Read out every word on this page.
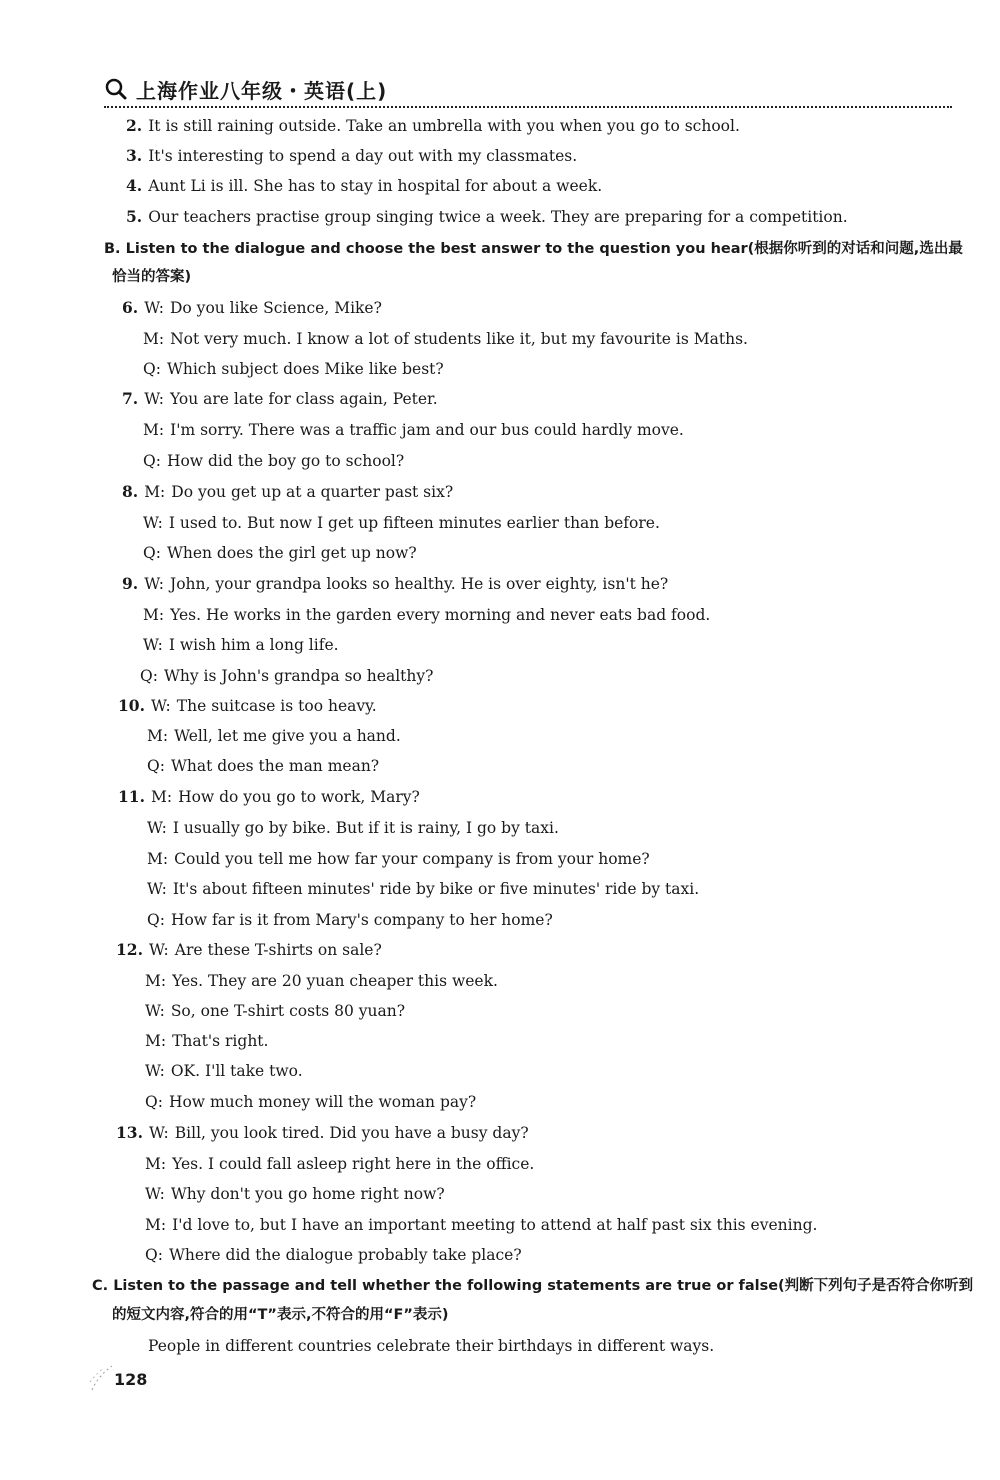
上海作业八年级・英语(上)
2. It is still raining outside. Take an umbrella with you when you go to school.
3. It's interesting to spend a day out with my classmates.
4. Aunt Li is ill. She has to stay in hospital for about a week.
5. Our teachers practise group singing twice a week. They are preparing for a competition.
B. Listen to the dialogue and choose the best answer to the question you hear(根据你听到的对话和问题,选出最
恰当的答案)
6. W: Do you like Science, Mike?
M: Not very much. I know a lot of students like it, but my favourite is Maths.
Q: Which subject does Mike like best?
7. W: You are late for class again, Peter.
M: I'm sorry. There was a traffic jam and our bus could hardly move.
Q: How did the boy go to school?
8. M: Do you get up at a quarter past six?
W: I used to. But now I get up fifteen minutes earlier than before.
Q: When does the girl get up now?
9. W: John, your grandpa looks so healthy. He is over eighty, isn't he?
M: Yes. He works in the garden every morning and never eats bad food.
W: I wish him a long life.
Q: Why is John's grandpa so healthy?
10. W: The suitcase is too heavy.
M: Well, let me give you a hand.
Q: What does the man mean?
11. M: How do you go to work, Mary?
W: I usually go by bike. But if it is rainy, I go by taxi.
M: Could you tell me how far your company is from your home?
W: It's about fifteen minutes' ride by bike or five minutes' ride by taxi.
Q: How far is it from Mary's company to her home?
12. W: Are these T-shirts on sale?
M: Yes. They are 20 yuan cheaper this week.
W: So, one T-shirt costs 80 yuan?
M: That's right.
W: OK. I'll take two.
Q: How much money will the woman pay?
13. W: Bill, you look tired. Did you have a busy day?
M: Yes. I could fall asleep right here in the office.
W: Why don't you go home right now?
M: I'd love to, but I have an important meeting to attend at half past six this evening.
Q: Where did the dialogue probably take place?
C. Listen to the passage and tell whether the following statements are true or false(判断下列句子是否符合你听到
的短文内容,符合的用“T”表示,不符合的用“F”表示)
People in different countries celebrate their birthdays in different ways.
128
